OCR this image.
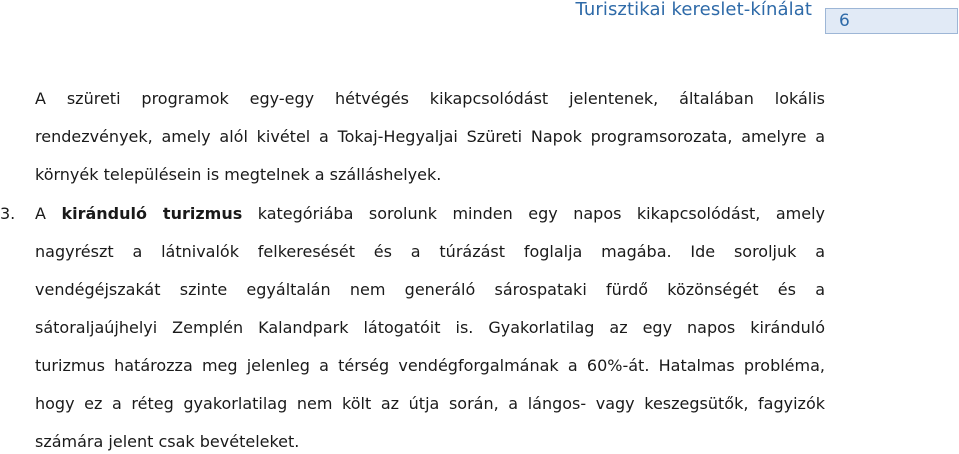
Turisztikai kereslet-kínálat
6
A szüreti programok egy-egy hétvégés kikapcsolódást jelentenek, általában lokális
rendezvények, amely alól kivétel a Tokaj-Hegyaljai Szüreti Napok programsorozata, amelyre a
környék településein is megtelnek a szálláshelyek.
3.	A kiránduló turizmus kategóriába sorolunk minden egy napos kikapcsolódást, amely
nagyrészt a látnivalók felkeresését és a túrázást foglalja magába. Ide soroljuk a
vendégéjszakát szinte egyáltalán nem generáló sárospataki fürdő közönségét és a
sátoraljaújhelyi Zemplén Kalandpark látogatóit is. Gyakorlatilag az egy napos kiránduló
turizmus határozza meg jelenleg a térség vendégforgalmának a 60%-át. Hatalmas probléma,
hogy ez a réteg gyakorlatilag nem költ az útja során, a lángos- vagy keszegsütők, fagyizók
számára jelent csak bevételeket.
